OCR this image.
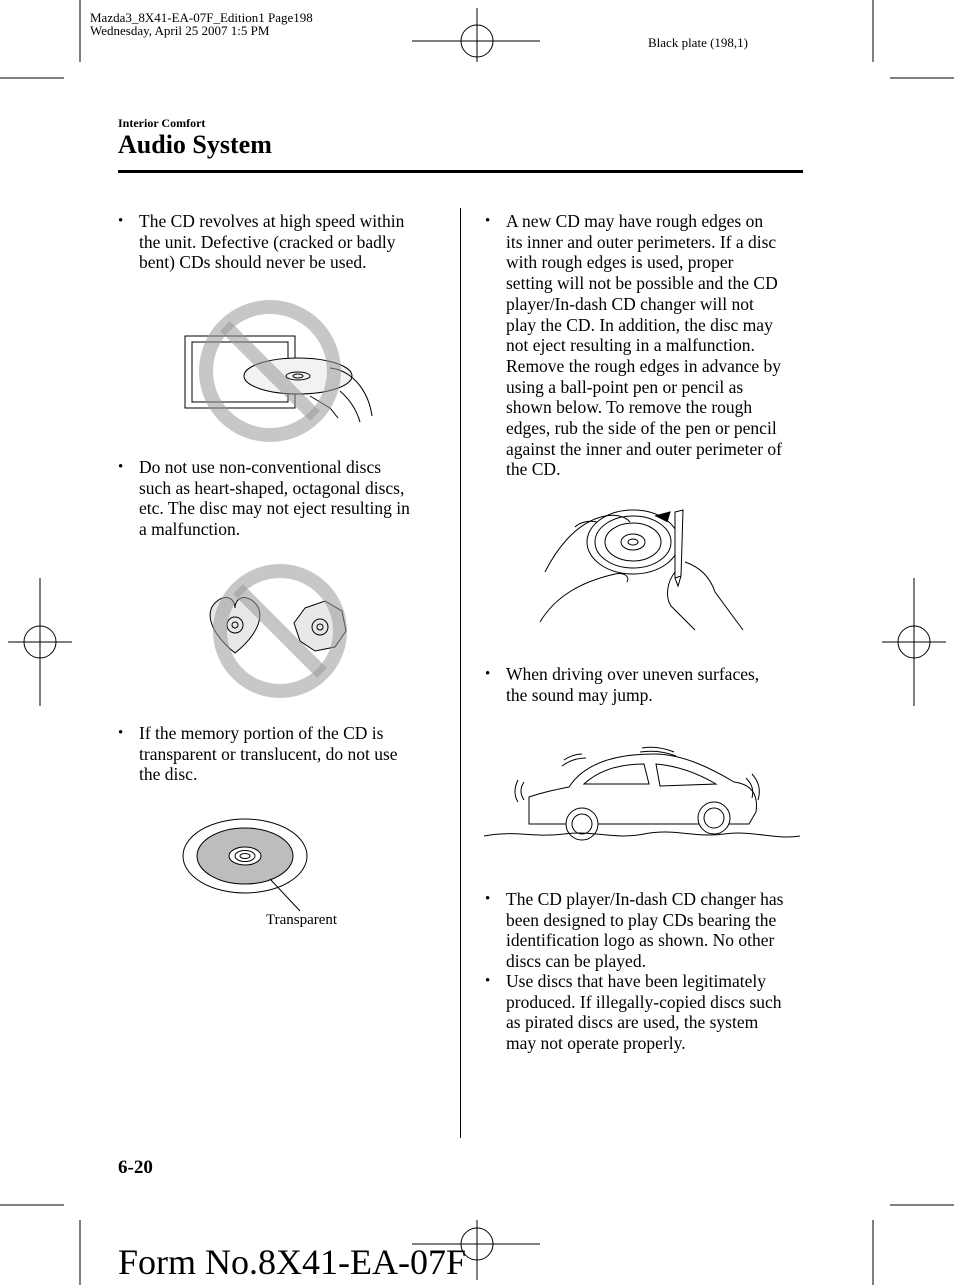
Mazda3_8X41-EA-07F_Edition1 Page198
Wednesday, April 25 2007 1:5 PM
Black plate (198,1)
Interior Comfort
Audio System
• The CD revolves at high speed within
the unit. Defective (cracked or badly
bent) CDs should never be used.
• Do not use non-conventional discs
such as heart-shaped, octagonal discs,
etc. The disc may not eject resulting in
a malfunction.
• If the memory portion of the CD is
transparent or translucent, do not use
the disc.
Transparent
• A new CD may have rough edges on
its inner and outer perimeters. If a disc
with rough edges is used, proper
setting will not be possible and the CD
player/In-dash CD changer will not
play the CD. In addition, the disc may
not eject resulting in a malfunction.
Remove the rough edges in advance by
using a ball-point pen or pencil as
shown below. To remove the rough
edges, rub the side of the pen or pencil
against the inner and outer perimeter of
the CD.
• When driving over uneven surfaces,
the sound may jump.
• The CD player/In-dash CD changer has
been designed to play CDs bearing the
identification logo as shown. No other
discs can be played.
• Use discs that have been legitimately
produced. If illegally-copied discs such
as pirated discs are used, the system
may not operate properly.
6-20
Form No.8X41-EA-07F
